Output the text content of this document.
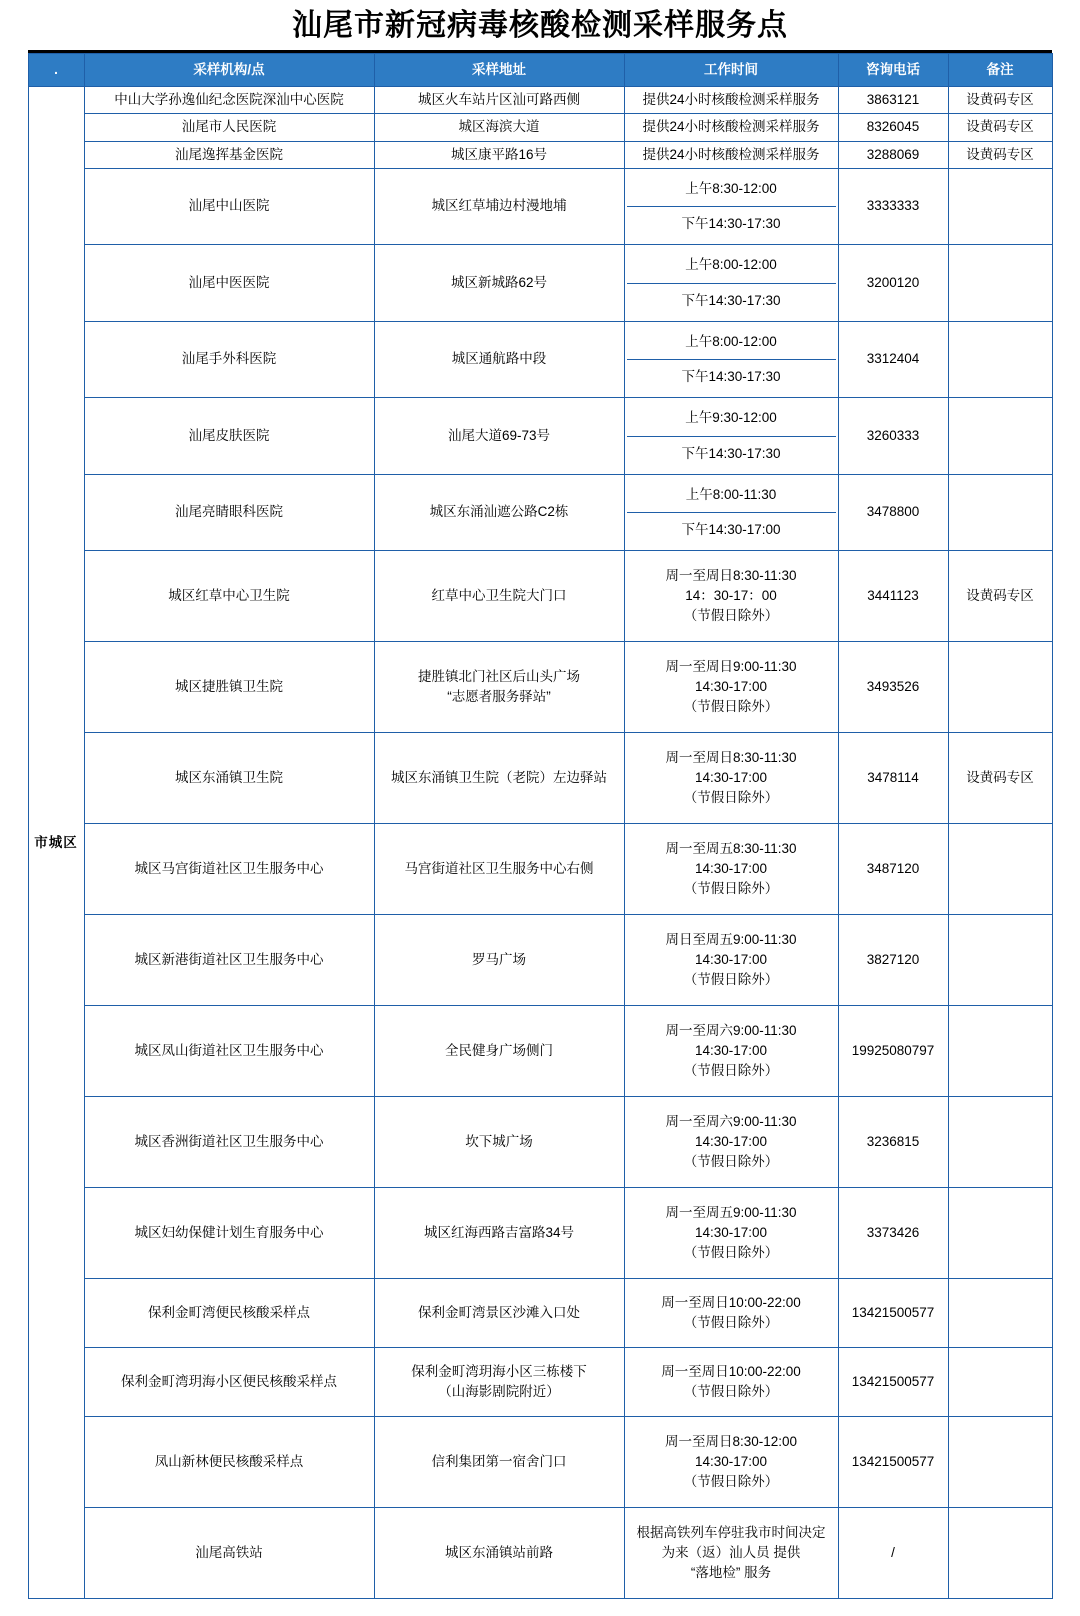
汕尾市新冠病毒核酸检测采样服务点
.	采样机构/点	采样地址	工作时间	咨询电话	备注
市城区	中山大学孙逸仙纪念医院深汕中心医院	城区火车站片区汕可路西侧	提供24小时核酸检测采样服务	3863121	设黄码专区
	汕尾市人民医院	城区海滨大道	提供24小时核酸检测采样服务	8326045	设黄码专区
	汕尾逸挥基金医院	城区康平路16号	提供24小时核酸检测采样服务	3288069	设黄码专区
	汕尾中山医院	城区红草埔边村漫地埔	上午8:30-12:00
下午14:30-17:30	3333333	
	汕尾中医医院	城区新城路62号	上午8:00-12:00
下午14:30-17:30	3200120	
	汕尾手外科医院	城区通航路中段	上午8:00-12:00
下午14:30-17:30	3312404	
	汕尾皮肤医院	汕尾大道69-73号	上午9:30-12:00
下午14:30-17:30	3260333	
	汕尾亮睛眼科医院	城区东涌汕遮公路C2栋	上午8:00-11:30
下午14:30-17:00	3478800	
	城区红草中心卫生院	红草中心卫生院大门口	周一至周日8:30-11:30
14：30-17：00
（节假日除外）	3441123	设黄码专区
	城区捷胜镇卫生院	捷胜镇北门社区后山头广场
“志愿者服务驿站”	周一至周日9:00-11:30
14:30-17:00
（节假日除外）	3493526	
	城区东涌镇卫生院	城区东涌镇卫生院（老院）左边驿站	周一至周日8:30-11:30
14:30-17:00
（节假日除外）	3478114	设黄码专区
	城区马宫街道社区卫生服务中心	马宫街道社区卫生服务中心右侧	周一至周五8:30-11:30
14:30-17:00
（节假日除外）	3487120	
	城区新港街道社区卫生服务中心	罗马广场	周日至周五9:00-11:30
14:30-17:00
（节假日除外）	3827120	
	城区凤山街道社区卫生服务中心	全民健身广场侧门	周一至周六9:00-11:30
14:30-17:00
（节假日除外）	19925080797	
	城区香洲街道社区卫生服务中心	坎下城广场	周一至周六9:00-11:30
14:30-17:00
（节假日除外）	3236815	
	城区妇幼保健计划生育服务中心	城区红海西路吉富路34号	周一至周五9:00-11:30
14:30-17:00
（节假日除外）	3373426	
	保利金町湾便民核酸采样点	保利金町湾景区沙滩入口处	周一至周日10:00-22:00
（节假日除外）	13421500577	
	保利金町湾玥海小区便民核酸采样点	保利金町湾玥海小区三栋楼下
（山海影剧院附近）	周一至周日10:00-22:00
（节假日除外）	13421500577	
	凤山新林便民核酸采样点	信利集团第一宿舍门口	周一至周日8:30-12:00
14:30-17:00
（节假日除外）	13421500577	
	汕尾高铁站	城区东涌镇站前路	根据高铁列车停驻我市时间决定
为来（返）汕人员 提供
“落地检” 服务	/	
